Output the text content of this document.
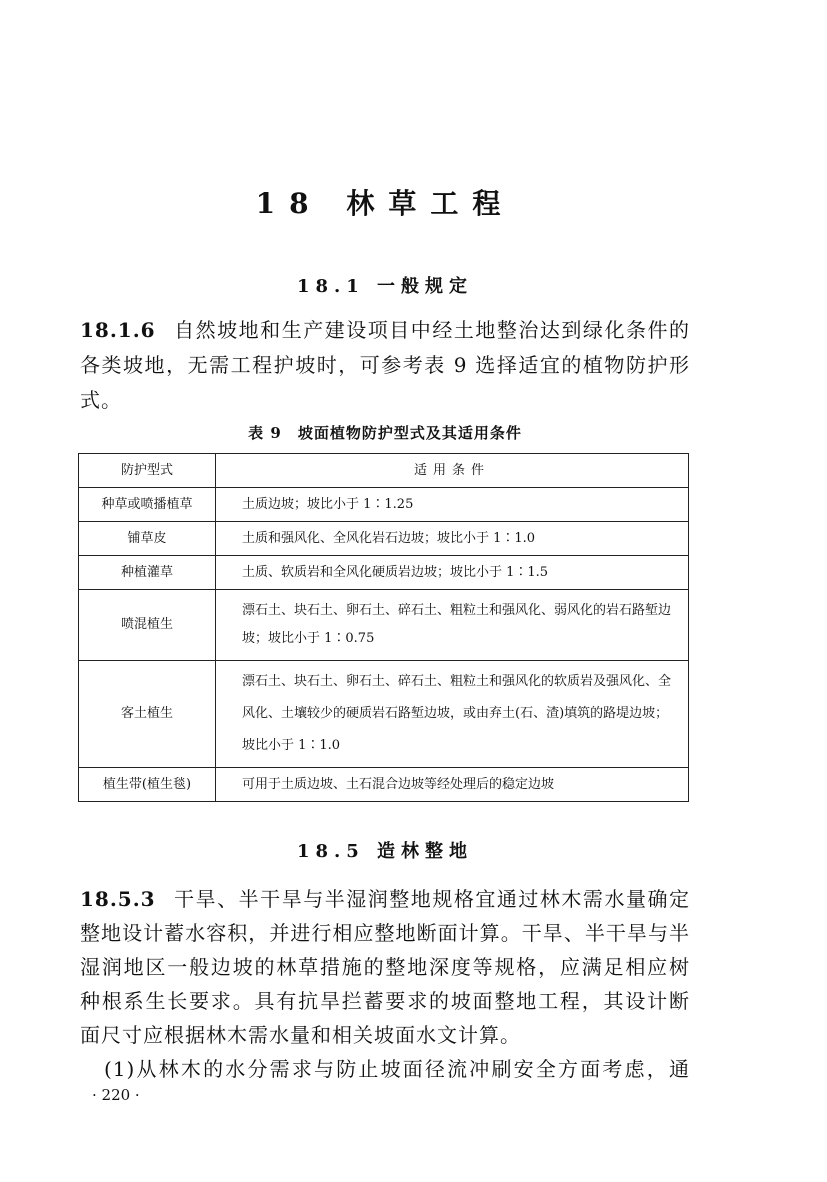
18 林草工程
18.1 一般规定
18.1.6 自然坡地和生产建设项目中经土地整治达到绿化条件的
各类坡地，无需工程护坡时，可参考表 9 选择适宜的植物防护形
式。
表 9　坡面植物防护型式及其适用条件
防护型式	适用条件
种草或喷播植草	土质边坡；坡比小于 1∶1.25
铺草皮	土质和强风化、全风化岩石边坡；坡比小于 1∶1.0
种植灌草	土质、软质岩和全风化硬质岩边坡；坡比小于 1∶1.5
喷混植生	漂石土、块石土、卵石土、碎石土、粗粒土和强风化、弱风化的岩石路堑边坡；坡比小于 1∶0.75
客土植生	漂石土、块石土、卵石土、碎石土、粗粒土和强风化的软质岩及强风化、全风化、土壤较少的硬质岩石路堑边坡，或由弃土(石、渣)填筑的路堤边坡；坡比小于 1∶1.0
植生带(植生毯)	可用于土质边坡、土石混合边坡等经处理后的稳定边坡
18.5 造林整地
18.5.3 干旱、半干旱与半湿润整地规格宜通过林木需水量确定
整地设计蓄水容积，并进行相应整地断面计算。干旱、半干旱与半
湿润地区一般边坡的林草措施的整地深度等规格，应满足相应树
种根系生长要求。具有抗旱拦蓄要求的坡面整地工程，其设计断
面尺寸应根据林木需水量和相关坡面水文计算。
(1)从林木的水分需求与防止坡面径流冲刷安全方面考虑，通
· 220 ·
